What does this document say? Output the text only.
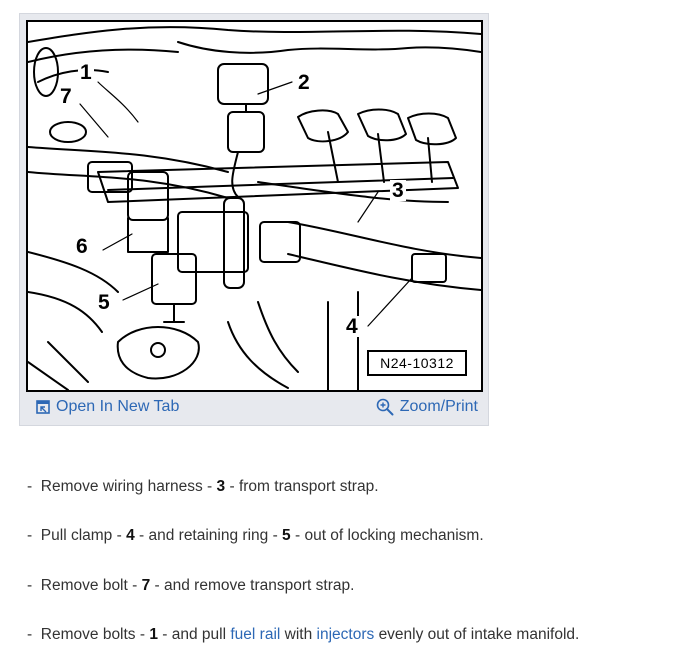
1	2
3
4
5
6
7
N24-10312
Open In New Tab	Zoom/Print
- Remove wiring harness - 3 - from transport strap.
- Pull clamp - 4 - and retaining ring - 5 - out of locking mechanism.
- Remove bolt - 7 - and remove transport strap.
- Remove bolts - 1 - and pull fuel rail with injectors evenly out of intake manifold.
